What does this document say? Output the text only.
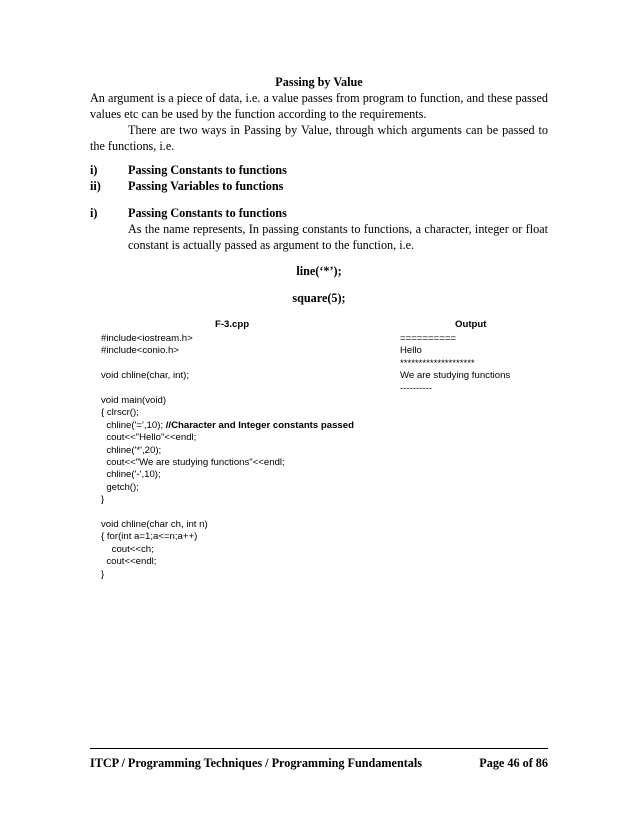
Passing by Value
An argument is a piece of data, i.e. a value passes from program to function, and these passed values etc can be used by the function according to the requirements.
There are two ways in Passing by Value, through which arguments can be passed to the functions, i.e.
i)	Passing Constants to functions
ii) Passing Variables to functions
i)	Passing Constants to functions
As the name represents, In passing constants to functions, a character, integer or float constant is actually passed as argument to the function, i.e.
line(‘*’);
square(5);
F-3.cpp	Output
#include<iostream.h>
#include<conio.h>
void chline(char, int);
void main(void)
{ clrscr();
chline('=',10); //Character and Integer constants passed
cout<<"Hello"<<endl;
chline('*',20);
cout<<"We are studying functions"<<endl;
chline('-',10);
getch();
}
void chline(char ch, int n)
{ for(int a=1;a<=n;a++)
cout<<ch;
cout<<endl;
}
==========
Hello
********************
We are studying functions
----------
ITCP / Programming Techniques / Programming Fundamentals	Page 46 of 86
